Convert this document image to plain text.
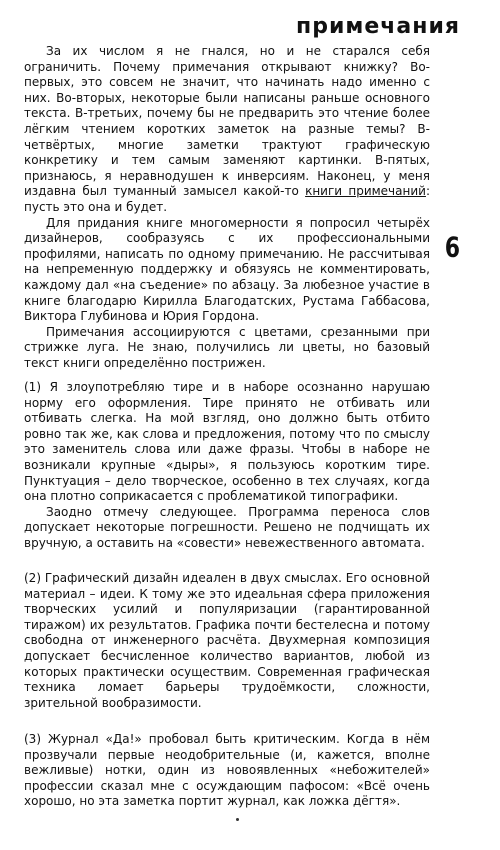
примечания
6

За их числом я не гнался, но и не старался себя ограничить. Почему примечания открывают книжку? Во-первых, это совсем не значит, что начинать надо именно с них. Во-вторых, некоторые были написаны раньше основного текста. В-третьих, почему бы не предварить это чтение более лёгким чтением коротких заметок на разные темы? В-четвёртых, многие заметки трактуют графическую конкретику и тем самым заменяют картинки. В-пятых, признаюсь, я неравнодушен к инверсиям. Наконец, у меня издавна был туманный замысел какой-то книги примечаний: пусть это она и будет.

Для придания книге многомерности я попросил четырёх дизайнеров, сообразуясь с их профессиональными профилями, написать по одному примечанию. Не рассчитывая на непременную поддержку и обязуясь не комментировать, каждому дал «на съедение» по абзацу. За любезное участие в книге благодарю Кирилла Благодатских, Рустама Габбасова, Виктора Глубинова и Юрия Гордона.

Примечания ассоциируются с цветами, срезанными при стрижке луга. Не знаю, получились ли цветы, но базовый текст книги определённо пострижен.

(1) Я злоупотребляю тире и в наборе осознанно нарушаю норму его оформления. Тире принято не отбивать или отбивать слегка. На мой взгляд, оно должно быть отбито ровно так же, как слова и предложения, потому что по смыслу это заменитель слова или даже фразы. Чтобы в наборе не возникали крупные «дыры», я пользуюсь коротким тире. Пунктуация – дело творческое, особенно в тех случаях, когда она плотно соприкасается с проблематикой типографики.

Заодно отмечу следующее. Программа переноса слов допускает некоторые погрешности. Решено не подчищать их вручную, а оставить на «совести» невежественного автомата.

(2) Графический дизайн идеален в двух смыслах. Его основной материал – идеи. К тому же это идеальная сфера приложения творческих усилий и популяризации (гарантированной тиражом) их результатов. Графика почти бестелесна и потому свободна от инженерного расчёта. Двухмерная композиция допускает бесчисленное количество вариантов, любой из которых практически осуществим. Современная графическая техника ломает барьеры трудоёмкости, сложности, зрительной вообразимости.

(3) Журнал «Да!» пробовал быть критическим. Когда в нём прозвучали первые неодобрительные (и, кажется, вполне вежливые) нотки, один из новоявленных «небожителей» профессии сказал мне с осуждающим пафосом: «Всё очень хорошо, но эта заметка портит журнал, как ложка дёгтя».
